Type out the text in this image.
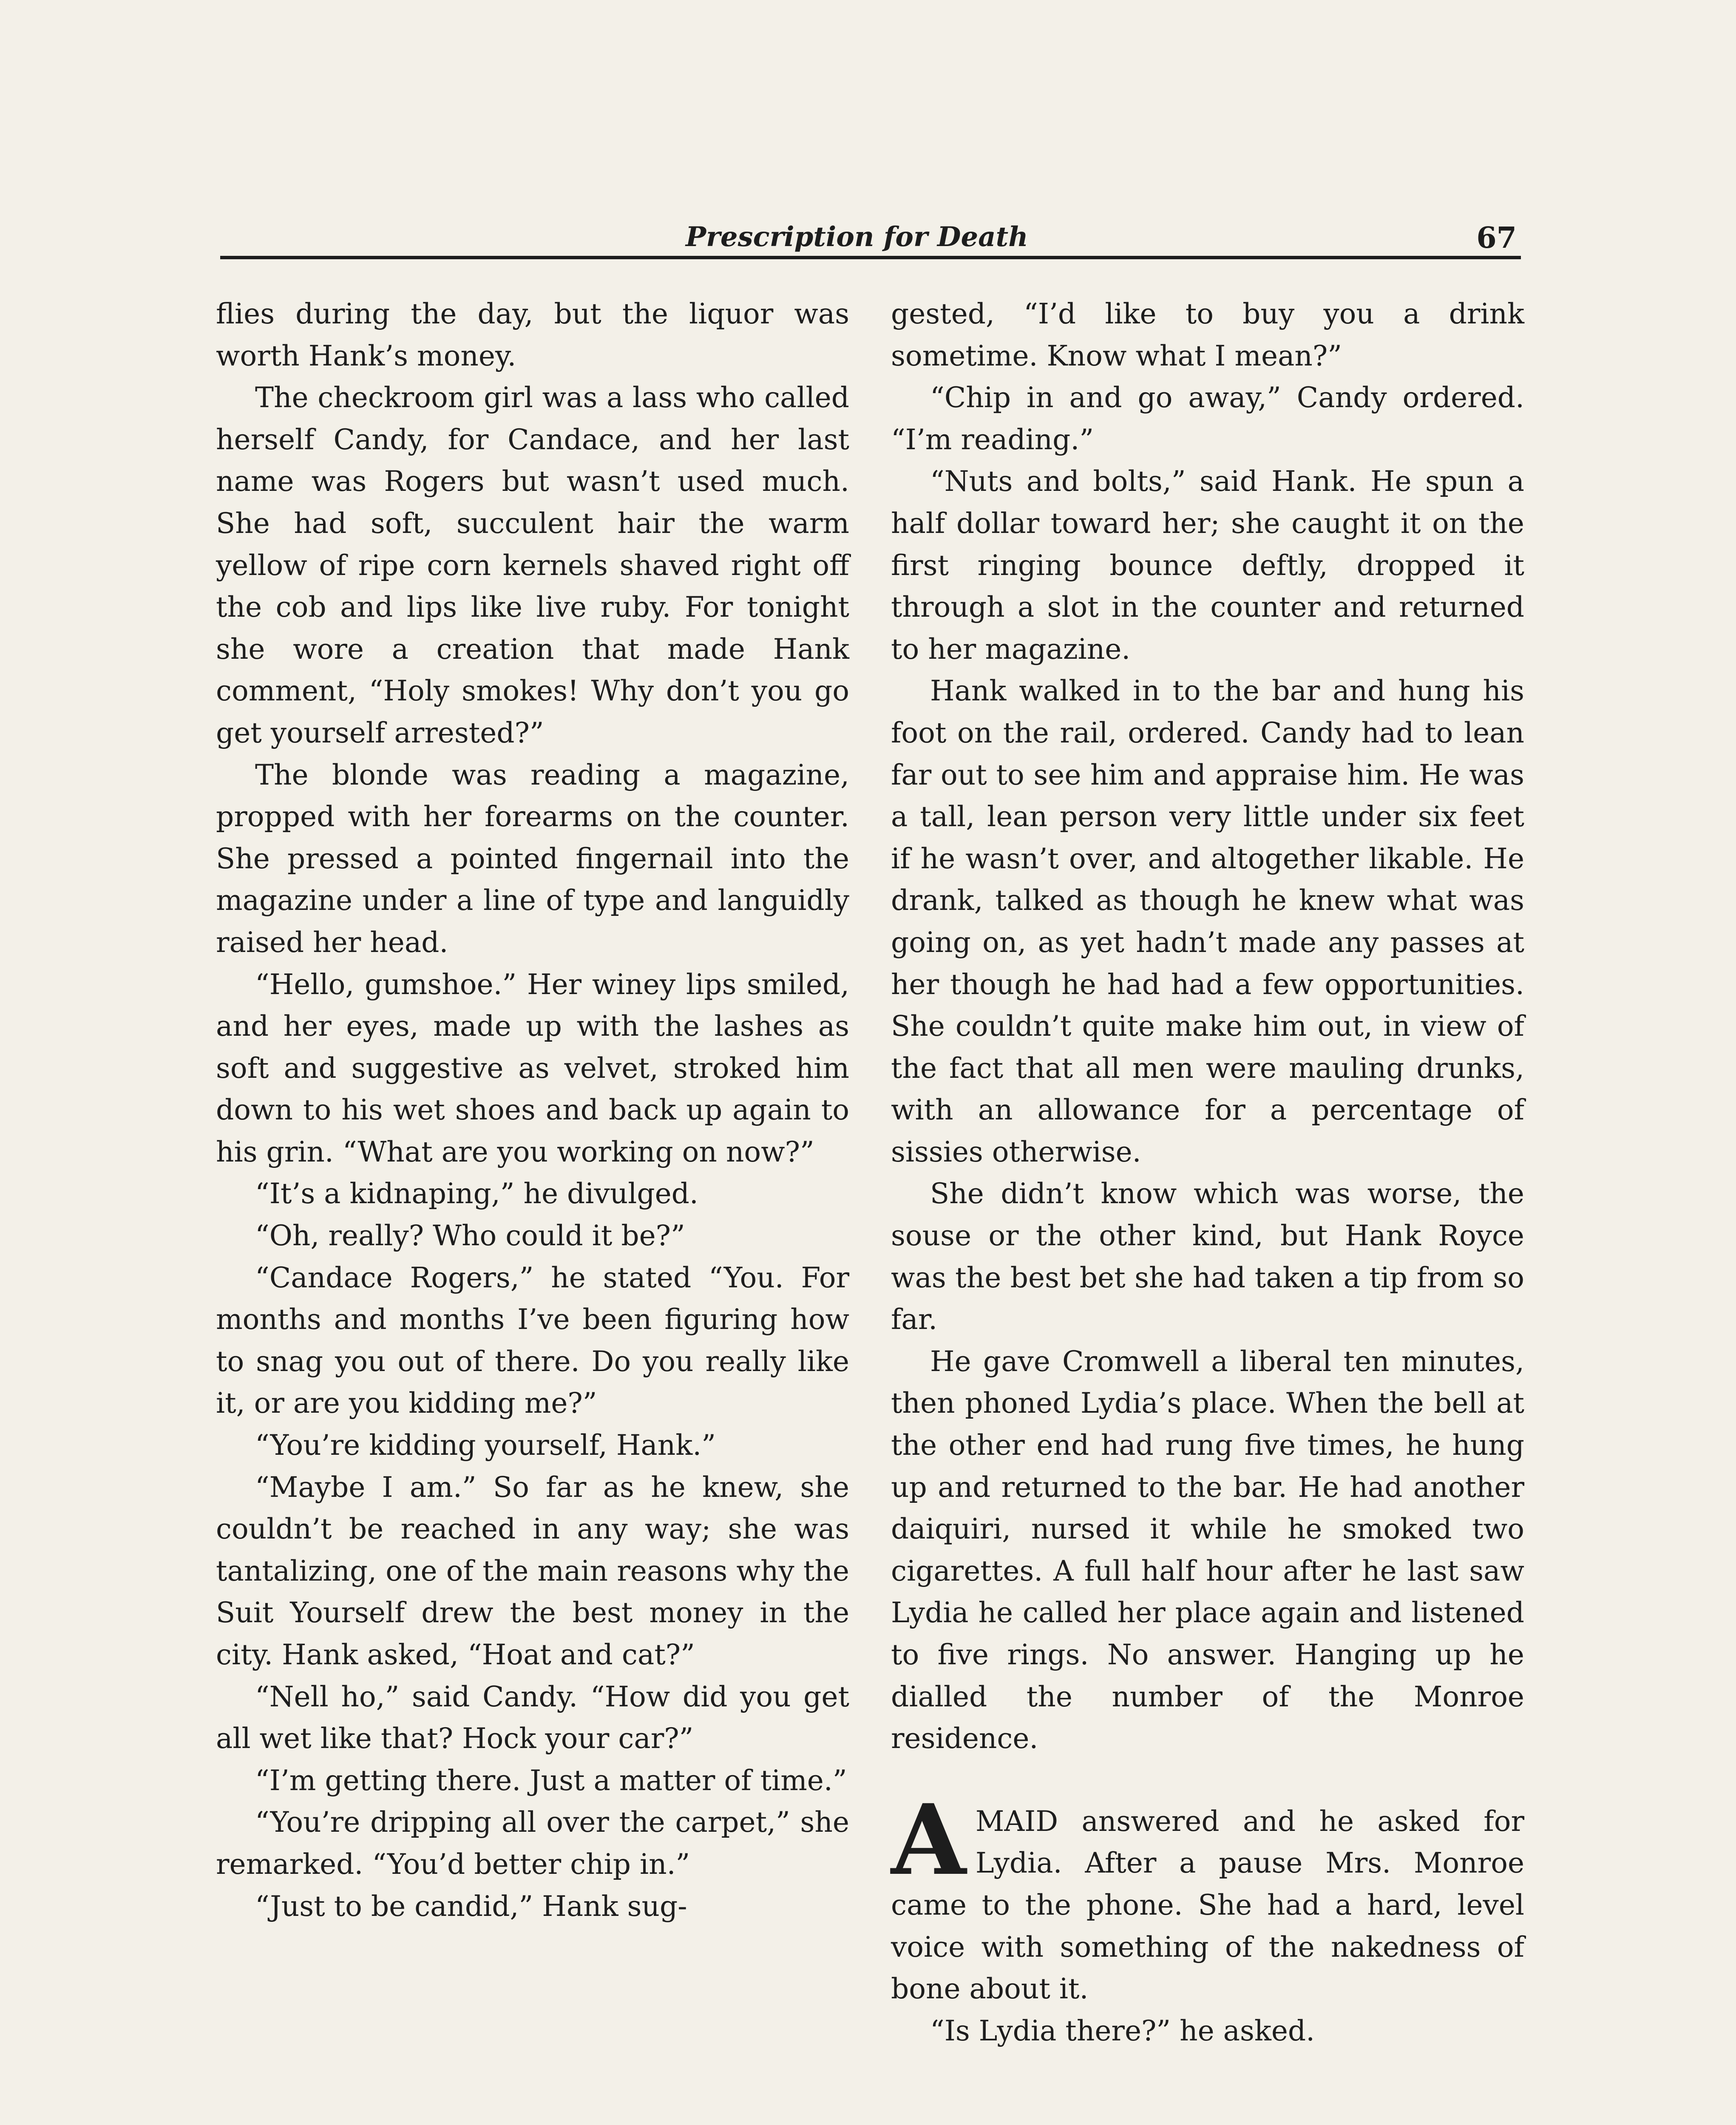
Prescription for Death	67

flies during the day, but the liquor was worth Hank’s money.

The checkroom girl was a lass who called herself Candy, for Candace, and her last name was Rogers but wasn’t used much. She had soft, succulent hair the warm yellow of ripe corn kernels shaved right off the cob and lips like live ruby. For tonight she wore a creation that made Hank comment, “Holy smokes! Why don’t you go get yourself arrested?”

The blonde was reading a magazine, propped with her forearms on the counter. She pressed a pointed fingernail into the magazine under a line of type and languidly raised her head.

“Hello, gumshoe.” Her winey lips smiled, and her eyes, made up with the lashes as soft and suggestive as velvet, stroked him down to his wet shoes and back up again to his grin. “What are you working on now?”

“It’s a kidnaping,” he divulged.

“Oh, really? Who could it be?”

“Candace Rogers,” he stated “You. For months and months I’ve been figuring how to snag you out of there. Do you really like it, or are you kidding me?”

“You’re kidding yourself, Hank.”

“Maybe I am.” So far as he knew, she couldn’t be reached in any way; she was tantalizing, one of the main reasons why the Suit Yourself drew the best money in the city. Hank asked, “Hoat and cat?”

“Nell ho,” said Candy. “How did you get all wet like that? Hock your car?”

“I’m getting there. Just a matter of time.”

“You’re dripping all over the carpet,” she remarked. “You’d better chip in.”

“Just to be candid,” Hank sug-

gested, “I’d like to buy you a drink sometime. Know what I mean?”

“Chip in and go away,” Candy ordered. “I’m reading.”

“Nuts and bolts,” said Hank. He spun a half dollar toward her; she caught it on the first ringing bounce deftly, dropped it through a slot in the counter and returned to her magazine.

Hank walked in to the bar and hung his foot on the rail, ordered. Candy had to lean far out to see him and appraise him. He was a tall, lean person very little under six feet if he wasn’t over, and altogether likable. He drank, talked as though he knew what was going on, as yet hadn’t made any passes at her though he had had a few opportunities. She couldn’t quite make him out, in view of the fact that all men were mauling drunks, with an allowance for a percentage of sissies otherwise.

She didn’t know which was worse, the souse or the other kind, but Hank Royce was the best bet she had taken a tip from so far.

He gave Cromwell a liberal ten minutes, then phoned Lydia’s place. When the bell at the other end had rung five times, he hung up and returned to the bar. He had another daiquiri, nursed it while he smoked two cigarettes. A full half hour after he last saw Lydia he called her place again and listened to five rings. No answer. Hanging up he dialled the number of the Monroe residence.

A MAID answered and he asked for Lydia. After a pause Mrs. Monroe came to the phone. She had a hard, level voice with something of the nakedness of bone about it.

“Is Lydia there?” he asked.
